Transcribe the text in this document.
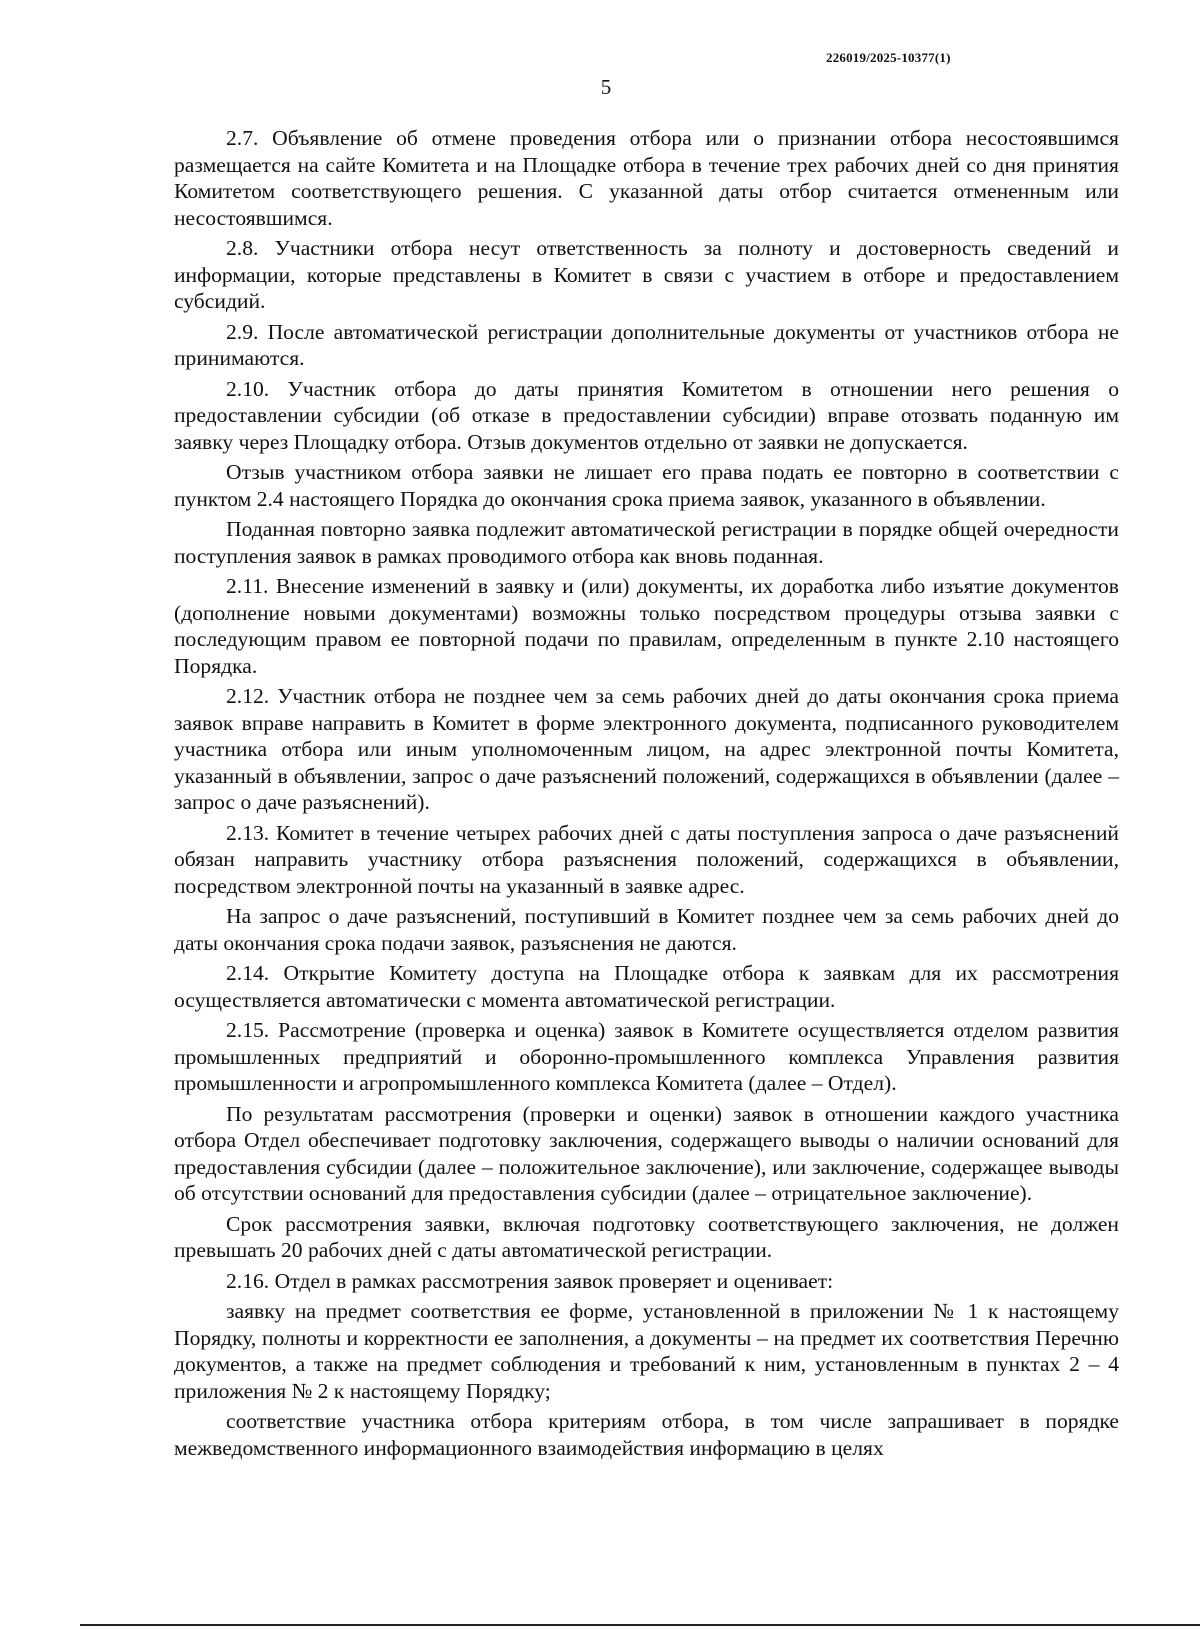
226019/2025-10377(1)
5

2.7. Объявление об отмене проведения отбора или о признании отбора несостоявшимся размещается на сайте Комитета и на Площадке отбора в течение трех рабочих дней со дня принятия Комитетом соответствующего решения. С указанной даты отбор считается отмененным или несостоявшимся.

2.8. Участники отбора несут ответственность за полноту и достоверность сведений и информации, которые представлены в Комитет в связи с участием в отборе и предоставлением субсидий.

2.9. После автоматической регистрации дополнительные документы от участников отбора не принимаются.

2.10. Участник отбора до даты принятия Комитетом в отношении него решения о предоставлении субсидии (об отказе в предоставлении субсидии) вправе отозвать поданную им заявку через Площадку отбора. Отзыв документов отдельно от заявки не допускается.

Отзыв участником отбора заявки не лишает его права подать ее повторно в соответствии с пунктом 2.4 настоящего Порядка до окончания срока приема заявок, указанного в объявлении.

Поданная повторно заявка подлежит автоматической регистрации в порядке общей очередности поступления заявок в рамках проводимого отбора как вновь поданная.

2.11. Внесение изменений в заявку и (или) документы, их доработка либо изъятие документов (дополнение новыми документами) возможны только посредством процедуры отзыва заявки с последующим правом ее повторной подачи по правилам, определенным в пункте 2.10 настоящего Порядка.

2.12. Участник отбора не позднее чем за семь рабочих дней до даты окончания срока приема заявок вправе направить в Комитет в форме электронного документа, подписанного руководителем участника отбора или иным уполномоченным лицом, на адрес электронной почты Комитета, указанный в объявлении, запрос о даче разъяснений положений, содержащихся в объявлении (далее – запрос о даче разъяснений).

2.13. Комитет в течение четырех рабочих дней с даты поступления запроса о даче разъяснений обязан направить участнику отбора разъяснения положений, содержащихся в объявлении, посредством электронной почты на указанный в заявке адрес.

На запрос о даче разъяснений, поступивший в Комитет позднее чем за семь рабочих дней до даты окончания срока подачи заявок, разъяснения не даются.

2.14. Открытие Комитету доступа на Площадке отбора к заявкам для их рассмотрения осуществляется автоматически с момента автоматической регистрации.

2.15. Рассмотрение (проверка и оценка) заявок в Комитете осуществляется отделом развития промышленных предприятий и оборонно-промышленного комплекса Управления развития промышленности и агропромышленного комплекса Комитета (далее – Отдел).

По результатам рассмотрения (проверки и оценки) заявок в отношении каждого участника отбора Отдел обеспечивает подготовку заключения, содержащего выводы о наличии оснований для предоставления субсидии (далее – положительное заключение), или заключение, содержащее выводы об отсутствии оснований для предоставления субсидии (далее – отрицательное заключение).

Срок рассмотрения заявки, включая подготовку соответствующего заключения, не должен превышать 20 рабочих дней с даты автоматической регистрации.

2.16. Отдел в рамках рассмотрения заявок проверяет и оценивает:

заявку на предмет соответствия ее форме, установленной в приложении № 1 к настоящему Порядку, полноты и корректности ее заполнения, а документы – на предмет их соответствия Перечню документов, а также на предмет соблюдения и требований к ним, установленным в пунктах 2 – 4 приложения № 2 к настоящему Порядку;

соответствие участника отбора критериям отбора, в том числе запрашивает в порядке межведомственного информационного взаимодействия информацию в целях
